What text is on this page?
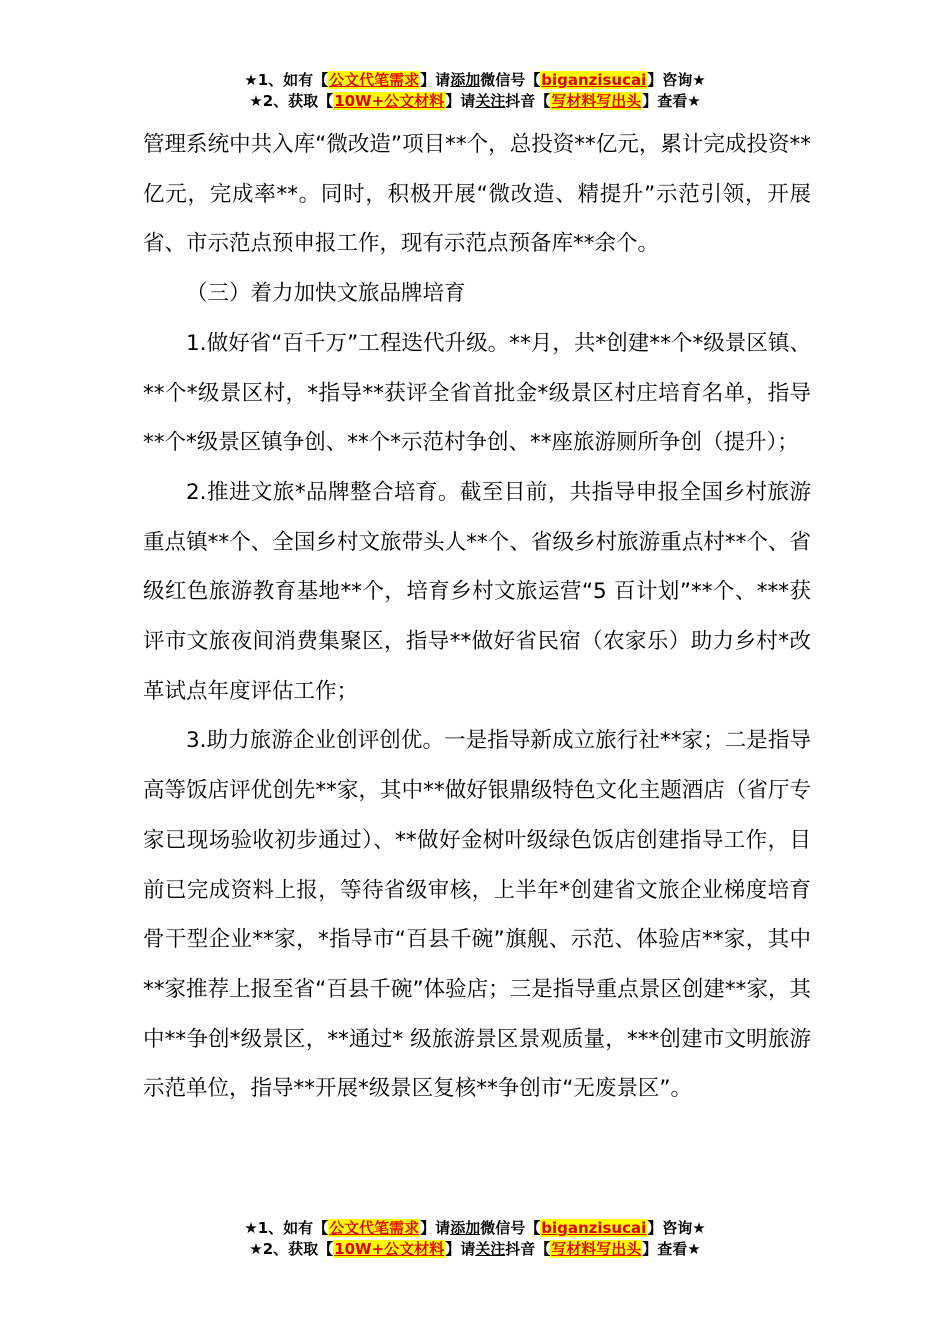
★1、如有【公文代笔需求】请添加微信号【biganzisucai】咨询★
★2、获取【10W+公文材料】请关注抖音【写材料写出头】查看★

管理系统中共入库“微改造”项目**个，总投资**亿元，累计完成投资**亿元，完成率**。同时，积极开展“微改造、精提升”示范引领，开展省、市示范点预申报工作，现有示范点预备库**余个。

（三）着力加快文旅品牌培育

1.做好省“百千万”工程迭代升级。**月，共*创建**个*级景区镇、**个*级景区村，*指导**获评全省首批金*级景区村庄培育名单，指导**个*级景区镇争创、**个*示范村争创、**座旅游厕所争创（提升）；

2.推进文旅*品牌整合培育。截至目前，共指导申报全国乡村旅游重点镇**个、全国乡村文旅带头人**个、省级乡村旅游重点村**个、省级红色旅游教育基地**个，培育乡村文旅运营“5 百计划”**个、***获评市文旅夜间消费集聚区，指导**做好省民宿（农家乐）助力乡村*改革试点年度评估工作；

3.助力旅游企业创评创优。一是指导新成立旅行社**家；二是指导高等饭店评优创先**家，其中**做好银鼎级特色文化主题酒店（省厅专家已现场验收初步通过）、**做好金树叶级绿色饭店创建指导工作，目前已完成资料上报，等待省级审核，上半年*创建省文旅企业梯度培育骨干型企业**家，*指导市“百县千碗”旗舰、示范、体验店**家，其中**家推荐上报至省“百县千碗”体验店；三是指导重点景区创建**家，其中**争创*级景区，**通过* 级旅游景区景观质量，***创建市文明旅游示范单位，指导**开展*级景区复核**争创市“无废景区”。

★1、如有【公文代笔需求】请添加微信号【biganzisucai】咨询★
★2、获取【10W+公文材料】请关注抖音【写材料写出头】查看★
